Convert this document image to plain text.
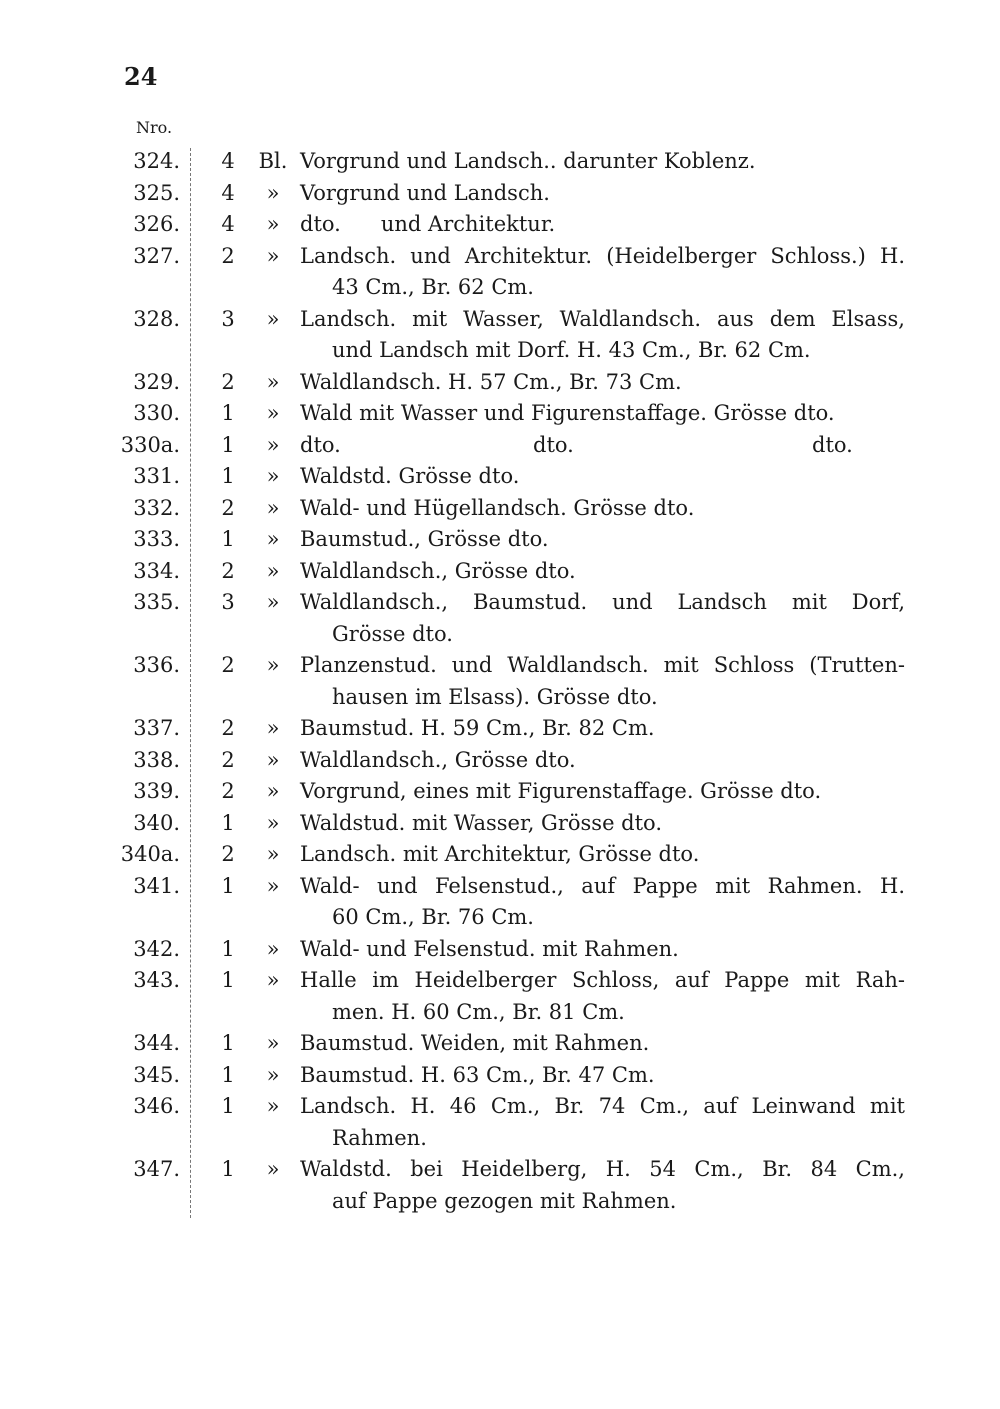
24
Nro.
324. 4 Bl. Vorgrund und Landsch.. darunter Koblenz.
325. 4	» Vorgrund und Landsch.
326. 4	» dto.      und Architektur.
327. 2	» Landsch. und Architektur. (Heidelberger Schloss.) H.
43 Cm., Br. 62 Cm.
328. 3	» Landsch. mit Wasser, Waldlandsch. aus dem Elsass,
und Landsch mit Dorf. H. 43 Cm., Br. 62 Cm.
329. 2	» Waldlandsch. H. 57 Cm., Br. 73 Cm.
330. 1	» Wald mit Wasser und Figurenstaffage. Grösse dto.
330a. 1	» dto.	dto.	dto.
331. 1	» Waldstd. Grösse dto.
332. 2	» Wald- und Hügellandsch. Grösse dto.
333. 1	» Baumstud., Grösse dto.
334. 2	» Waldlandsch., Grösse dto.
335. 3	» Waldlandsch., Baumstud. und Landsch mit Dorf,
Grösse dto.
336. 2	» Planzenstud. und Waldlandsch. mit Schloss (Trutten-
hausen im Elsass). Grösse dto.
337. 2	» Baumstud. H. 59 Cm., Br. 82 Cm.
338. 2	» Waldlandsch., Grösse dto.
339. 2	» Vorgrund, eines mit Figurenstaffage. Grösse dto.
340. 1	» Waldstud. mit Wasser, Grösse dto.
340a. 2	» Landsch. mit Architektur, Grösse dto.
341. 1	» Wald- und Felsenstud., auf Pappe mit Rahmen. H.
60 Cm., Br. 76 Cm.
342. 1	» Wald- und Felsenstud. mit Rahmen.
343. 1	» Halle im Heidelberger Schloss, auf Pappe mit Rah-
men. H. 60 Cm., Br. 81 Cm.
344. 1	» Baumstud. Weiden, mit Rahmen.
345. 1	» Baumstud. H. 63 Cm., Br. 47 Cm.
346. 1	» Landsch. H. 46 Cm., Br. 74 Cm., auf Leinwand mit
Rahmen.
347. 1	» Waldstd. bei Heidelberg, H. 54 Cm., Br. 84 Cm.,
auf Pappe gezogen mit Rahmen.
